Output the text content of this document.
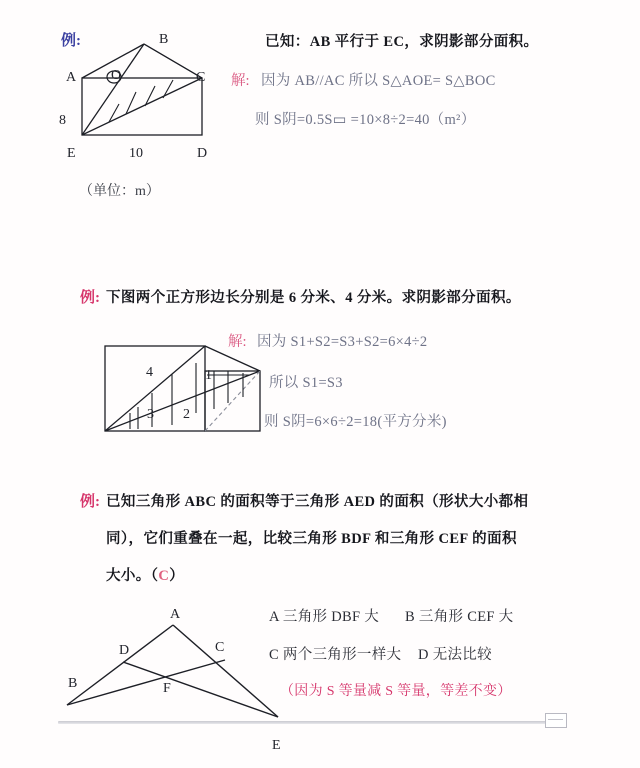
例:	已知：AB 平行于 EC，求阴影部分面积。
解: 因为 AB//AC 所以 S△AOE= S△BOC
则 S阴=0.5S▭ =10×8÷2=40（m²）
A
B
C
D
E
O
8
10
（单位：m）
例: 下图两个正方形边长分别是 6 分米、4 分米。求阴影部分面积。
解: 因为 S1+S2=S3+S2=6×4÷2
所以 S1=S3
则 S阴=6×6÷2=18(平方分米)
4	1
3 2
例: 已知三角形 ABC 的面积等于三角形 AED 的面积（形状大小都相
同），它们重叠在一起，比较三角形 BDF 和三角形 CEF 的面积
大小。（C）
A 三角形 DBF 大 B 三角形 CEF 大
C 两个三角形一样大 D 无法比较
（因为 S 等量减 S 等量，等差不变）
A
B
C
D
E
F
